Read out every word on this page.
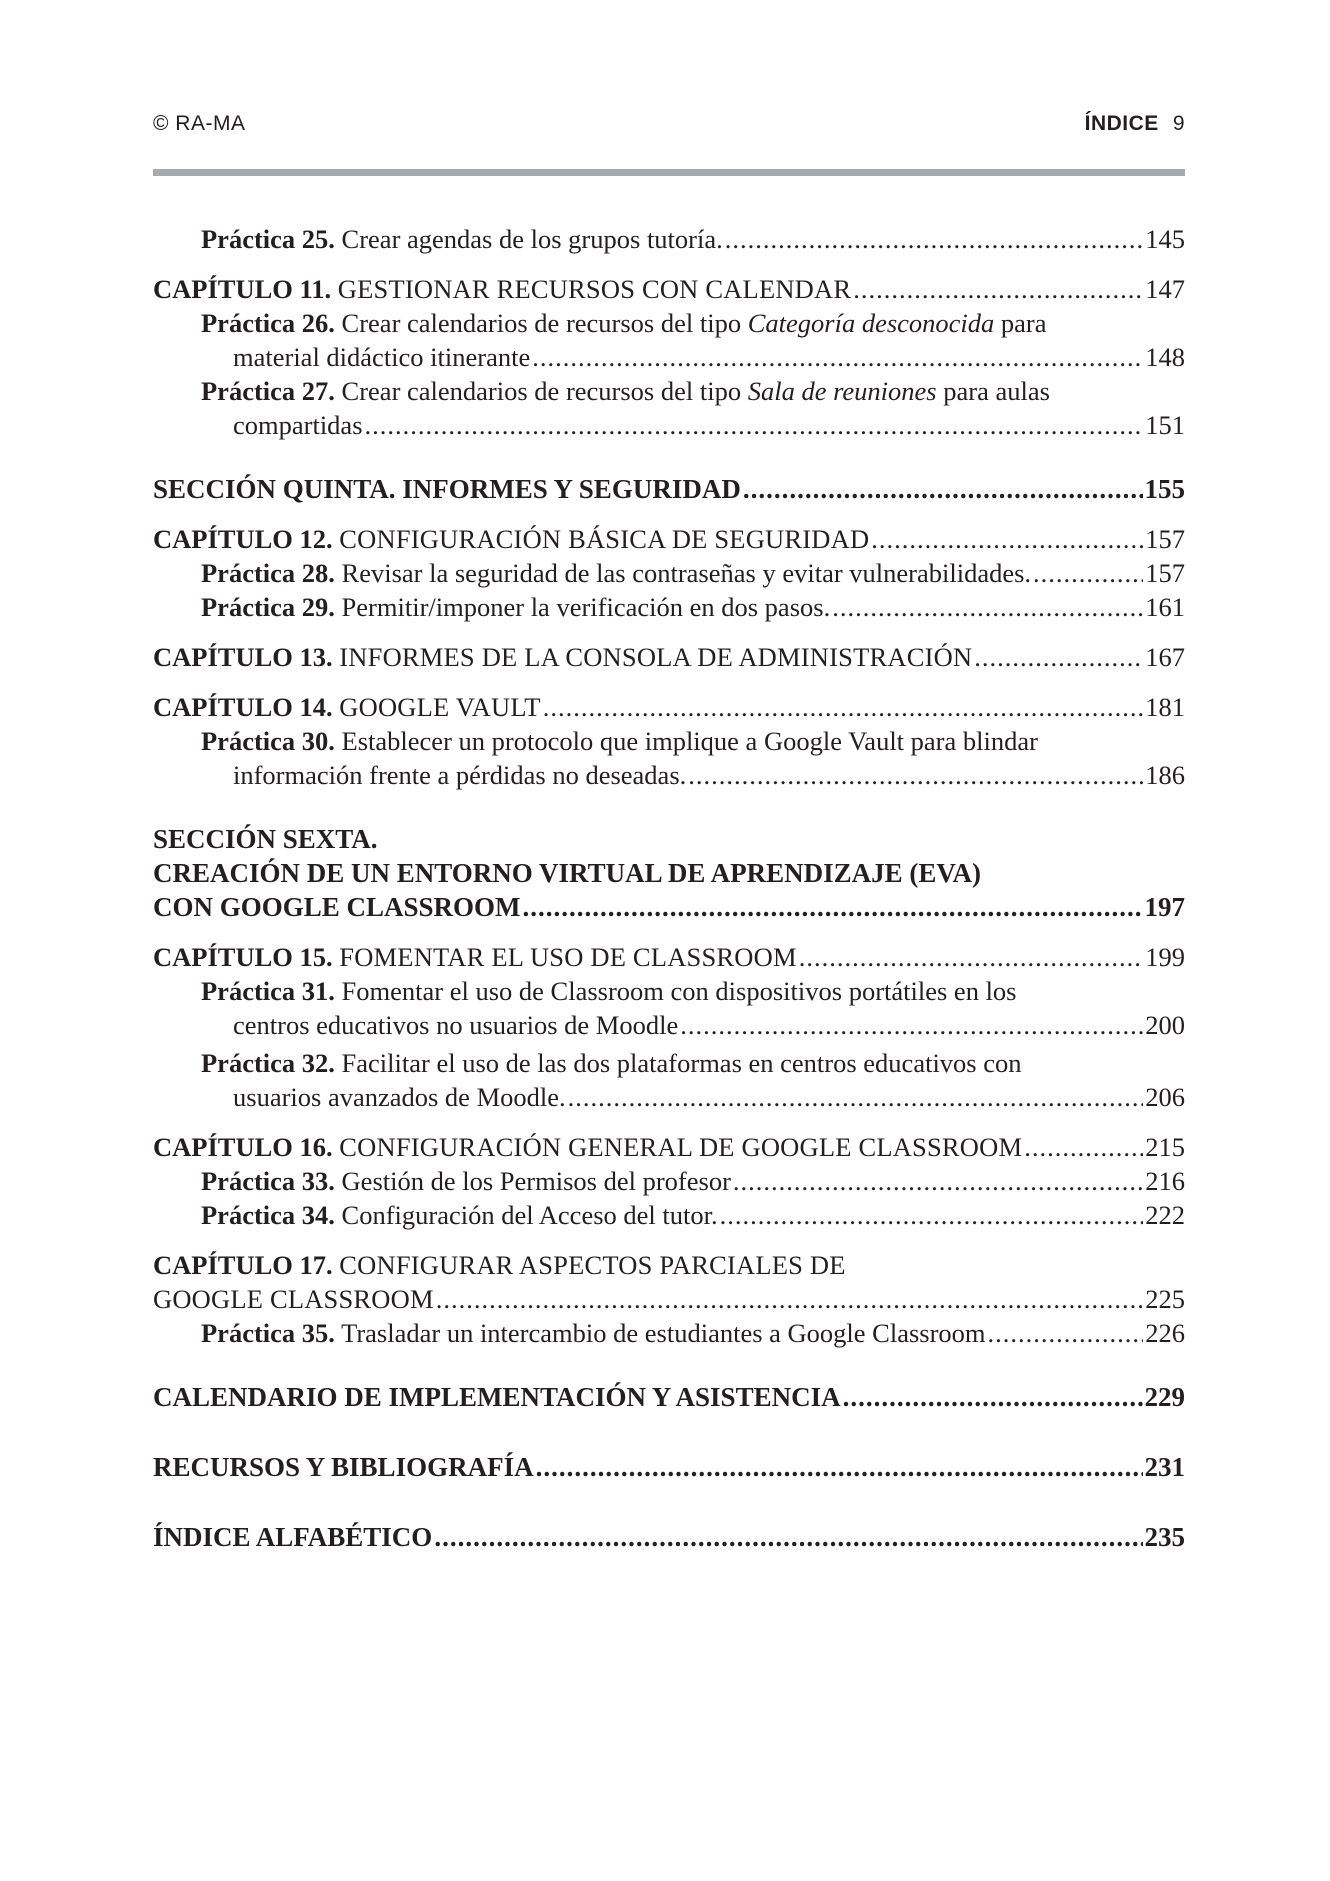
© RA-MA	ÍNDICE 9
Práctica 25. Crear agendas de los grupos tutoría. .....	145
CAPÍTULO 11. GESTIONAR RECURSOS CON CALENDAR .....	147
Práctica 26. Crear calendarios de recursos del tipo Categoría desconocida para
material didáctico itinerante .....	148
Práctica 27. Crear calendarios de recursos del tipo Sala de reuniones para aulas
compartidas .....	151
SECCIÓN QUINTA. INFORMES Y SEGURIDAD .....	155
CAPÍTULO 12. CONFIGURACIÓN BÁSICA DE SEGURIDAD .....	157
Práctica 28. Revisar la seguridad de las contraseñas y evitar vulnerabilidades. .....	157
Práctica 29. Permitir/imponer la verificación en dos pasos. .....	161
CAPÍTULO 13. INFORMES DE LA CONSOLA DE ADMINISTRACIÓN .....	167
CAPÍTULO 14. GOOGLE VAULT .....	181
Práctica 30. Establecer un protocolo que implique a Google Vault para blindar
información frente a pérdidas no deseadas. .....	186
SECCIÓN SEXTA.
CREACIÓN DE UN ENTORNO VIRTUAL DE APRENDIZAJE (EVA)
CON GOOGLE CLASSROOM .....	197
CAPÍTULO 15. FOMENTAR EL USO DE CLASSROOM .....	199
Práctica 31. Fomentar el uso de Classroom con dispositivos portátiles en los
centros educativos no usuarios de Moodle .....	200
Práctica 32. Facilitar el uso de las dos plataformas en centros educativos con
usuarios avanzados de Moodle. .....	206
CAPÍTULO 16. CONFIGURACIÓN GENERAL DE GOOGLE CLASSROOM .....	215
Práctica 33. Gestión de los Permisos del profesor .....	216
Práctica 34. Configuración del Acceso del tutor. .....	222
CAPÍTULO 17. CONFIGURAR ASPECTOS PARCIALES DE
GOOGLE CLASSROOM .....	225
Práctica 35. Trasladar un intercambio de estudiantes a Google Classroom .....	226
CALENDARIO DE IMPLEMENTACIÓN Y ASISTENCIA .....	229
RECURSOS Y BIBLIOGRAFÍA .....	231
ÍNDICE ALFABÉTICO .....	235
